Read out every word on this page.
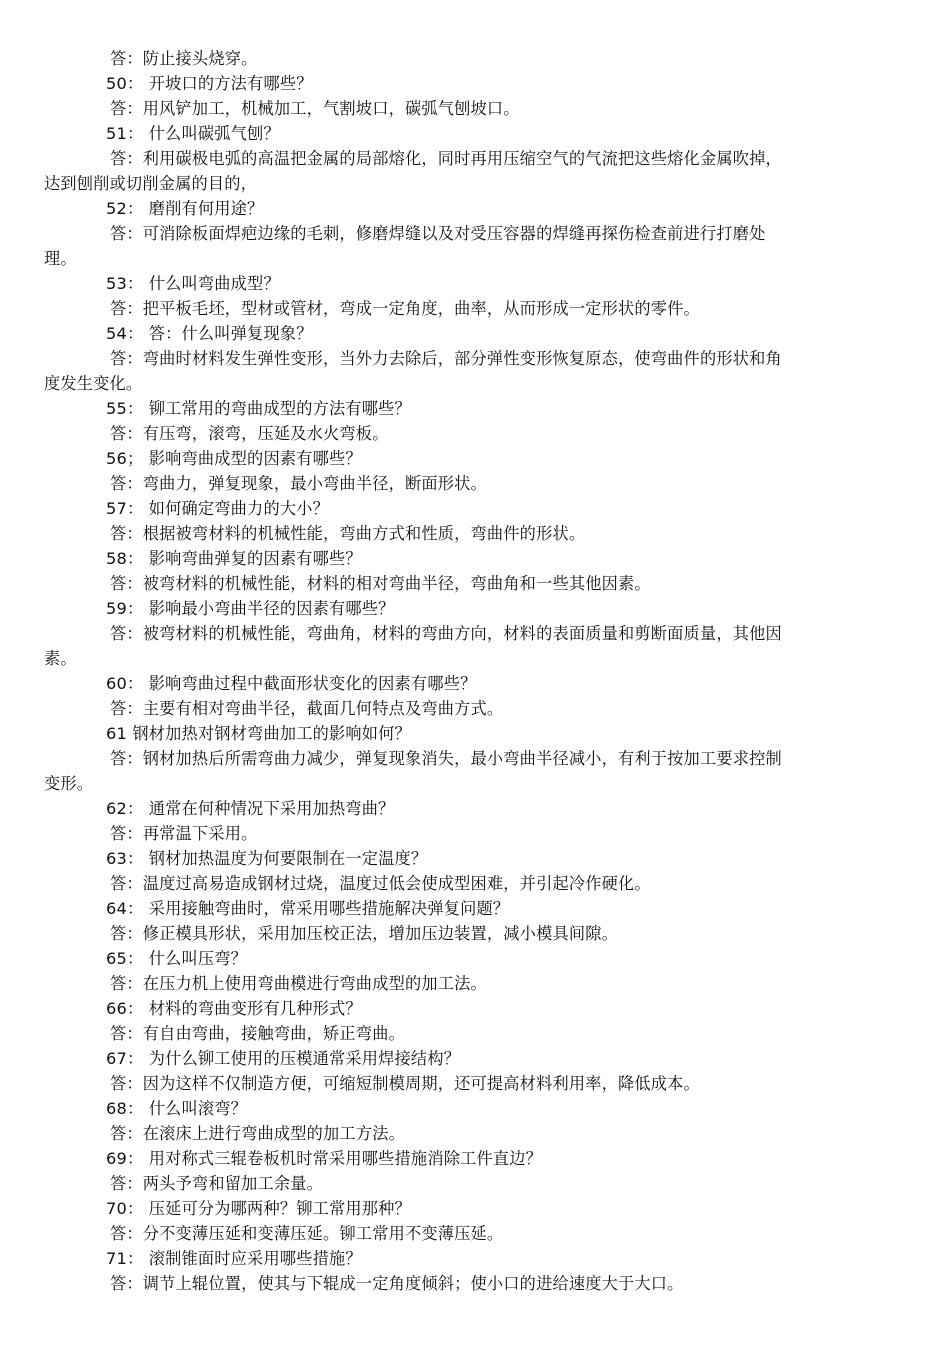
答：防止接头烧穿。
50： 开坡口的方法有哪些？
答：用风铲加工，机械加工，气割坡口，碳弧气刨坡口。
51： 什么叫碳弧气刨？
答：利用碳极电弧的高温把金属的局部熔化，同时再用压缩空气的气流把这些熔化金属吹掉，
达到刨削或切削金属的目的，
52： 磨削有何用途？
答：可消除板面焊疤边缘的毛刺，修磨焊缝以及对受压容器的焊缝再探伤检查前进行打磨处
理。
53： 什么叫弯曲成型？
答：把平板毛坯，型材或管材，弯成一定角度，曲率，从而形成一定形状的零件。
54： 答：什么叫弹复现象？
答：弯曲时材料发生弹性变形，当外力去除后，部分弹性变形恢复原态，使弯曲件的形状和角
度发生变化。
55： 铆工常用的弯曲成型的方法有哪些？
答：有压弯，滚弯，压延及水火弯板。
56； 影响弯曲成型的因素有哪些？
答：弯曲力，弹复现象，最小弯曲半径，断面形状。
57： 如何确定弯曲力的大小？
答：根据被弯材料的机械性能，弯曲方式和性质，弯曲件的形状。
58： 影响弯曲弹复的因素有哪些？
答：被弯材料的机械性能，材料的相对弯曲半径，弯曲角和一些其他因素。
59： 影响最小弯曲半径的因素有哪些？
答：被弯材料的机械性能，弯曲角，材料的弯曲方向，材料的表面质量和剪断面质量，其他因
素。
60： 影响弯曲过程中截面形状变化的因素有哪些？
答：主要有相对弯曲半径，截面几何特点及弯曲方式。
61 钢材加热对钢材弯曲加工的影响如何？
答：钢材加热后所需弯曲力减少，弹复现象消失，最小弯曲半径减小，有利于按加工要求控制
变形。
62： 通常在何种情况下采用加热弯曲？
答：再常温下采用。
63： 钢材加热温度为何要限制在一定温度？
答：温度过高易造成钢材过烧，温度过低会使成型困难，并引起冷作硬化。
64： 采用接触弯曲时，常采用哪些措施解决弹复问题？
答：修正模具形状，采用加压校正法，增加压边装置，减小模具间隙。
65： 什么叫压弯？
答：在压力机上使用弯曲模进行弯曲成型的加工法。
66： 材料的弯曲变形有几种形式？
答：有自由弯曲，接触弯曲，矫正弯曲。
67： 为什么铆工使用的压模通常采用焊接结构？
答：因为这样不仅制造方便，可缩短制模周期，还可提高材料利用率，降低成本。
68： 什么叫滚弯？
答：在滚床上进行弯曲成型的加工方法。
69： 用对称式三辊卷板机时常采用哪些措施消除工件直边？
答：两头予弯和留加工余量。
70： 压延可分为哪两种？铆工常用那种？
答：分不变薄压延和变薄压延。铆工常用不变薄压延。
71： 滚制锥面时应采用哪些措施？
答：调节上辊位置，使其与下辊成一定角度倾斜；使小口的进给速度大于大口。
